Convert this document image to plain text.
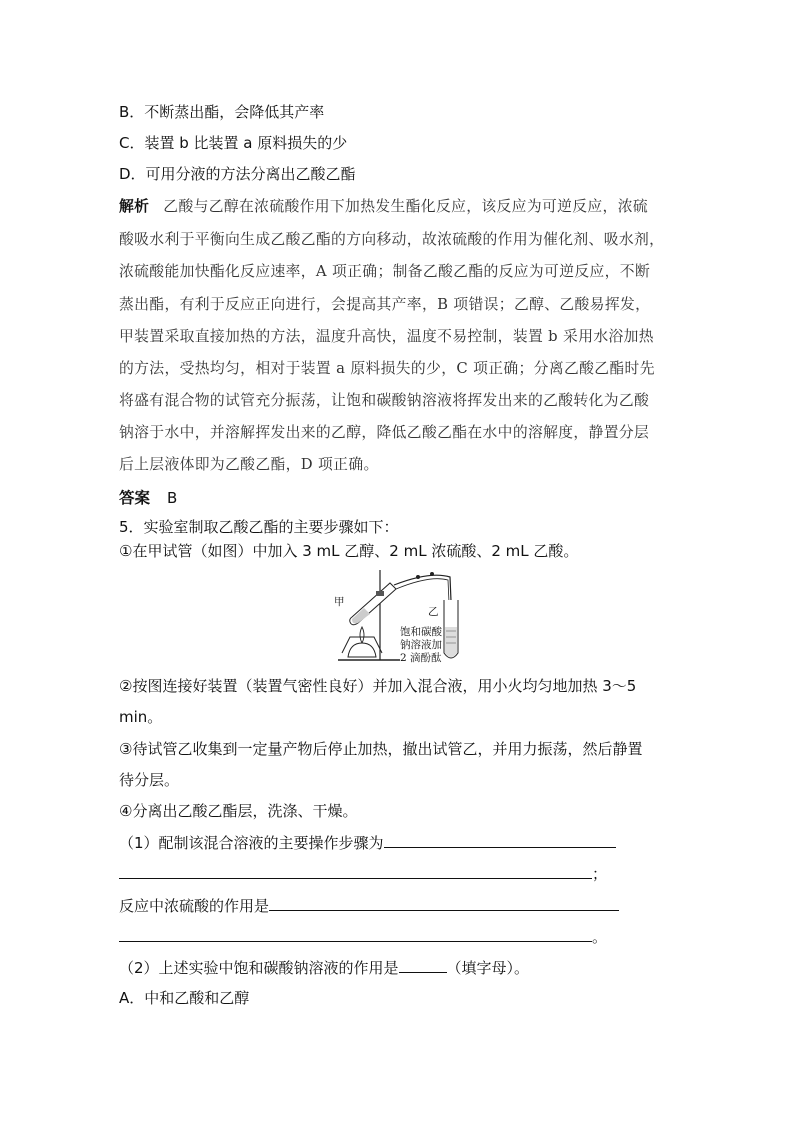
B．不断蒸出酯，会降低其产率
C．装置 b 比装置 a 原料损失的少
D．可用分液的方法分离出乙酸乙酯
解析 乙酸与乙醇在浓硫酸作用下加热发生酯化反应，该反应为可逆反应，浓硫
酸吸水利于平衡向生成乙酸乙酯的方向移动，故浓硫酸的作用为催化剂、吸水剂，
浓硫酸能加快酯化反应速率，A 项正确；制备乙酸乙酯的反应为可逆反应，不断
蒸出酯，有利于反应正向进行，会提高其产率，B 项错误；乙醇、乙酸易挥发，
甲装置采取直接加热的方法，温度升高快，温度不易控制，装置 b 采用水浴加热
的方法，受热均匀，相对于装置 a 原料损失的少，C 项正确；分离乙酸乙酯时先
将盛有混合物的试管充分振荡，让饱和碳酸钠溶液将挥发出来的乙酸转化为乙酸
钠溶于水中，并溶解挥发出来的乙醇，降低乙酸乙酯在水中的溶解度，静置分层
后上层液体即为乙酸乙酯，D 项正确。
答案 B
5．实验室制取乙酸乙酯的主要步骤如下：
①在甲试管（如图）中加入 3 mL 乙醇、2 mL 浓硫酸、2 mL 乙酸。
甲
乙
饱和碳酸
钠溶液加
2 滴酚酞
②按图连接好装置（装置气密性良好）并加入混合液，用小火均匀地加热 3～5
min。
③待试管乙收集到一定量产物后停止加热，撤出试管乙，并用力振荡，然后静置
待分层。
④分离出乙酸乙酯层，洗涤、干燥。
（1）配制该混合溶液的主要操作步骤为
；
反应中浓硫酸的作用是
。
（2）上述实验中饱和碳酸钠溶液的作用是	（填字母）。
A．中和乙酸和乙醇
